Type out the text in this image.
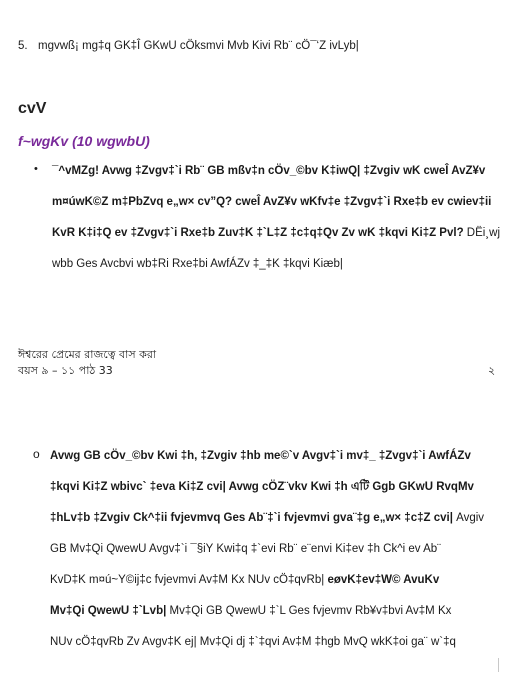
5. mgvwß¡ mg‡q GK‡Î GKwU cÖksmvi Mvb Kivi Rb¨ cÖ¯‘Z ivLyb|
cvV
f~wgKv (10 wgwbU)
• ¯^vMZg! Avwg ‡Zvgv‡`i Rb¨ GB mßv‡n cÖv_©bv K‡iwQ| ‡Zvgiv wK cweÎ AvZ¥v
m¤úwK©Z m‡PbZvq e„w× cv”Q? cweÎ AvZ¥v wKfv‡e ‡Zvgv‡`i Rxe‡b ev cwiev‡ii
KvR K‡i‡Q ev ‡Zvgv‡`i Rxe‡b Zuv‡K ‡`L‡Z ‡c‡q‡Qv Zv wK ‡kqvi Ki‡Z Pvl? DËi¸wj
wbb Ges Avcbvi wb‡Ri Rxe‡bi AwfÁZv ‡_‡K ‡kqvi Kiæb|
ঈশ্বরের প্রেমের রাজত্বে বাস করা
বয়স ৯ – ১১ পাঠ 33	২
o Avwg GB cÖv_©bv Kwi ‡h, ‡Zvgiv ‡hb me©`v Avgv‡`i mv‡_ ‡Zvgv‡`i AwfÁZv
‡kqvi Ki‡Z wbivc` ‡eva Ki‡Z cvi| Avwg cÖZ¨vkv Kwi ‡h এটি Ggb GKwU RvqMv
‡hLv‡b ‡Zvgiv Ck^‡ii fvjevmvq Ges Ab¨‡`i fvjevmvi gva¨‡g e„w× ‡c‡Z cvi| Avgiv
GB Mv‡Qi QwewU Avgv‡`i ¯§iY Kwi‡q ‡`evi Rb¨ e¨envi Ki‡ev ‡h Ck^i ev Ab¨
KvD‡K m¤ú~Y©ij‡c fvjevmvi Av‡M Kx NUv cÖ‡qvRb| eøvK‡ev‡W© AvuKv
Mv‡Qi QwewU ‡`Lvb| Mv‡Qi GB QwewU ‡`L Ges fvjevmv Rb¥v‡bvi Av‡M Kx
NUv cÖ‡qvRb Zv Avgv‡K ej| Mv‡Qi dj ‡`‡qvi Av‡M ‡hgb MvQ wkK‡oi ga¨ w`‡q
